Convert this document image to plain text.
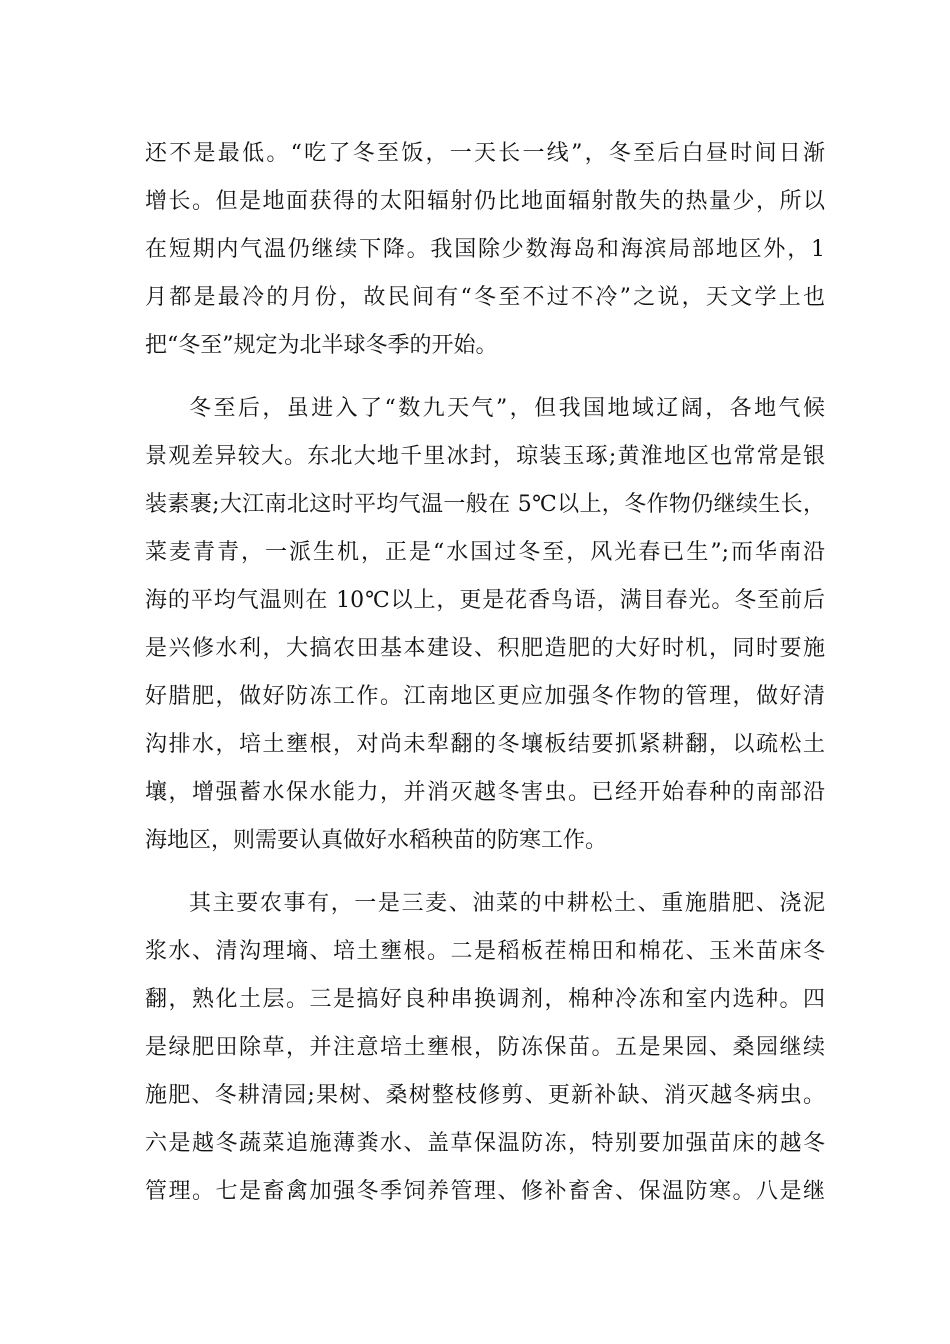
还不是最低。“吃了冬至饭，一天长一线”，冬至后白昼时间日渐
增长。但是地面获得的太阳辐射仍比地面辐射散失的热量少，所以
在短期内气温仍继续下降。我国除少数海岛和海滨局部地区外，1
月都是最冷的月份，故民间有“冬至不过不冷”之说，天文学上也
把“冬至”规定为北半球冬季的开始。
冬至后，虽进入了“数九天气”，但我国地域辽阔，各地气候
景观差异较大。东北大地千里冰封，琼装玉琢;黄淮地区也常常是银
装素裹;大江南北这时平均气温一般在 5℃以上，冬作物仍继续生长，
菜麦青青，一派生机，正是“水国过冬至，风光春已生”;而华南沿
海的平均气温则在 10℃以上，更是花香鸟语，满目春光。冬至前后
是兴修水利，大搞农田基本建设、积肥造肥的大好时机，同时要施
好腊肥，做好防冻工作。江南地区更应加强冬作物的管理，做好清
沟排水，培土壅根，对尚未犁翻的冬壤板结要抓紧耕翻，以疏松土
壤，增强蓄水保水能力，并消灭越冬害虫。已经开始春种的南部沿
海地区，则需要认真做好水稻秧苗的防寒工作。
其主要农事有，一是三麦、油菜的中耕松土、重施腊肥、浇泥
浆水、清沟理墒、培土壅根。二是稻板茬棉田和棉花、玉米苗床冬
翻，熟化土层。三是搞好良种串换调剂，棉种冷冻和室内选种。四
是绿肥田除草，并注意培土壅根，防冻保苗。五是果园、桑园继续
施肥、冬耕清园;果树、桑树整枝修剪、更新补缺、消灭越冬病虫。
六是越冬蔬菜追施薄粪水、盖草保温防冻，特别要加强苗床的越冬
管理。七是畜禽加强冬季饲养管理、修补畜舍、保温防寒。八是继
